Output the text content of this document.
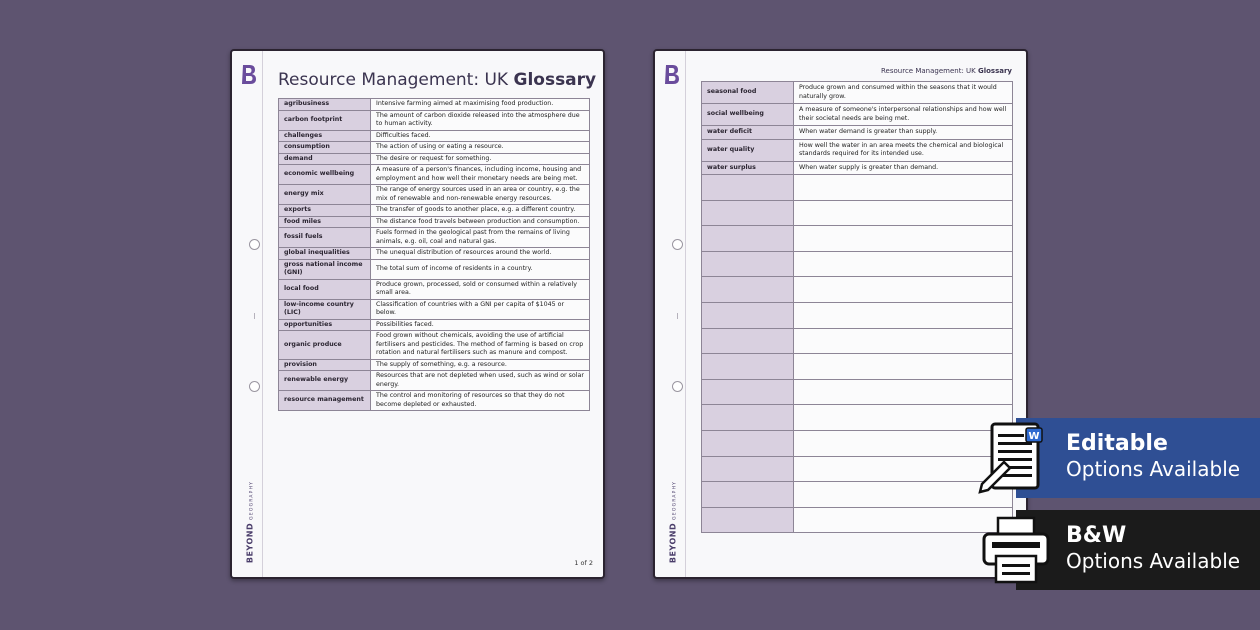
BEYONDGEOGRAPHY
Resource Management: UK Glossary
agribusiness	Intensive farming aimed at maximising food production.
carbon footprint	The amount of carbon dioxide released into the atmosphere due to human activity.
challenges	Difficulties faced.
consumption	The action of using or eating a resource.
demand	The desire or request for something.
economic wellbeing	A measure of a person's finances, including income, housing and employment and how well their monetary needs are being met.
energy mix	The range of energy sources used in an area or country, e.g. the mix of renewable and non-renewable energy resources.
exports	The transfer of goods to another place, e.g. a different country.
food miles	The distance food travels between production and consumption.
fossil fuels	Fuels formed in the geological past from the remains of living animals, e.g. oil, coal and natural gas.
global inequalities	The unequal distribution of resources around the world.
gross national income (GNI)	The total sum of income of residents in a country.
local food	Produce grown, processed, sold or consumed within a relatively small area.
low-income country (LIC)	Classification of countries with a GNI per capita of $1045 or below.
opportunities	Possibilities faced.
organic produce	Food grown without chemicals, avoiding the use of artificial fertilisers and pesticides. The method of farming is based on crop rotation and natural fertilisers such as manure and compost.
provision	The supply of something, e.g. a resource.
renewable energy	Resources that are not depleted when used, such as wind or solar energy.
resource management	The control and monitoring of resources so that they do not become depleted or exhausted.
1 of 2	BEYONDGEOGRAPHY
Resource Management: UK Glossary
seasonal food	Produce grown and consumed within the seasons that it would naturally grow.
social wellbeing	A measure of someone's interpersonal relationships and how well their societal needs are being met.
water deficit	When water demand is greater than supply.
water quality	How well the water in an area meets the chemical and biological standards required for its intended use.
water surplus	When water supply is greater than demand.

W Editable
Options Available
B&W
Options Available
